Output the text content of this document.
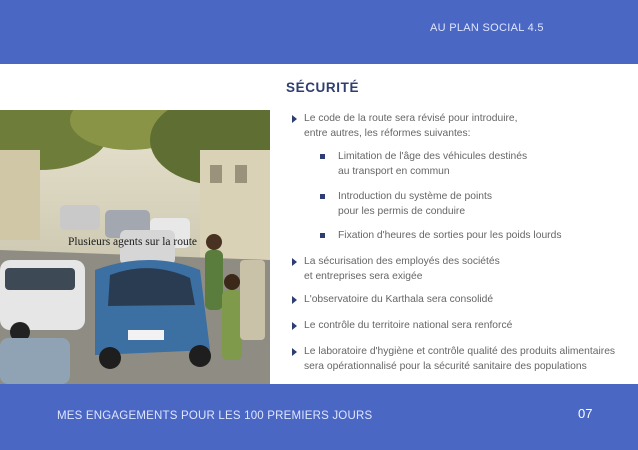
AU PLAN SOCIAL 4.5
Plusieurs agents sur la route
SÉCURITÉ
Le code de la route sera révisé pour introduire,
entre autres, les réformes suivantes:
Limitation de l'âge des véhicules destinés
au transport en commun
Introduction du système de points
pour les permis de conduire
Fixation d'heures de sorties pour les poids lourds
La sécurisation des employés des sociétés
et entreprises sera exigée
L'observatoire du Karthala sera consolidé
Le contrôle du territoire national sera renforcé
Le laboratoire d'hygiène et contrôle qualité des produits alimentaires
sera opérationnalisé pour la sécurité sanitaire des populations
MES ENGAGEMENTS POUR LES 100 PREMIERS JOURS	07
